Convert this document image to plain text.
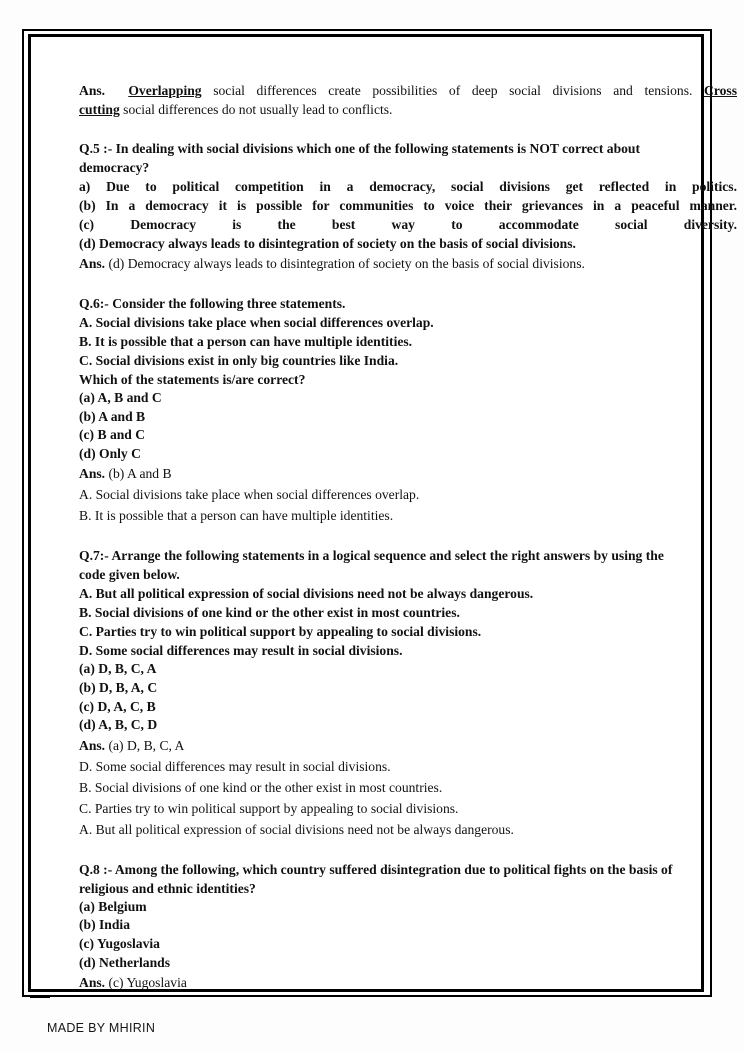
Ans. Overlapping social differences create possibilities of deep social divisions and tensions. Cross

cutting social differences do not usually lead to conflicts.

Q.5 :- In dealing with social divisions which one of the following statements is NOT correct about

democracy?

a) Due to political competition in a democracy, social divisions get reflected in politics.

(b) In a democracy it is possible for communities to voice their grievances in a peaceful manner.

(c) Democracy is the best way to accommodate social diversity.

(d) Democracy always leads to disintegration of society on the basis of social divisions.

Ans. (d) Democracy always leads to disintegration of society on the basis of social divisions.

Q.6:- Consider the following three statements.

A. Social divisions take place when social differences overlap.

B. It is possible that a person can have multiple identities.

C. Social divisions exist in only big countries like India.

Which of the statements is/are correct?

(a) A, B and C

(b) A and B

(c) B and C

(d) Only C

Ans. (b) A and B

A. Social divisions take place when social differences overlap.

B. It is possible that a person can have multiple identities.

Q.7:- Arrange the following statements in a logical sequence and select the right answers by using the

code given below.

A. But all political expression of social divisions need not be always dangerous.

B. Social divisions of one kind or the other exist in most countries.

C. Parties try to win political support by appealing to social divisions.

D. Some social differences may result in social divisions.

(a) D, B, C, A

(b) D, B, A, C

(c) D, A, C, B

(d) A, B, C, D

Ans. (a) D, B, C, A

D. Some social differences may result in social divisions.

B. Social divisions of one kind or the other exist in most countries.

C. Parties try to win political support by appealing to social divisions.

A. But all political expression of social divisions need not be always dangerous.

Q.8 :- Among the following, which country suffered disintegration due to political fights on the basis of

religious and ethnic identities?

(a) Belgium

(b) India

(c) Yugoslavia

(d) Netherlands

Ans. (c) Yugoslavia

MADE BY MHIRIN
